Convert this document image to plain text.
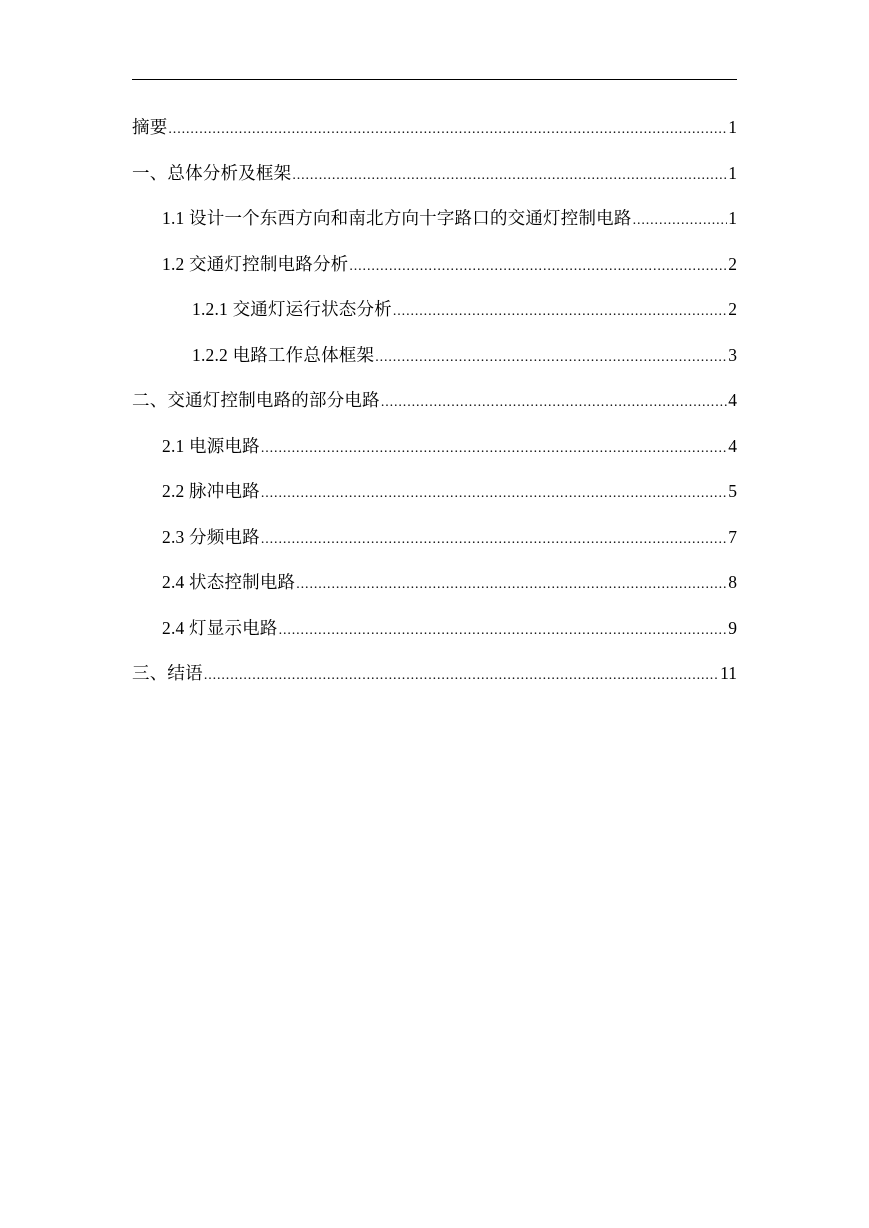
摘要 .....	1
一、总体分析及框架 .....	1
1.1 设计一个东西方向和南北方向十字路口的交通灯控制电路 .....	1
1.2 交通灯控制电路分析 .....	2
1.2.1 交通灯运行状态分析 .....	2
1.2.2 电路工作总体框架 .....	3
二、交通灯控制电路的部分电路 .....	4
2.1 电源电路 .....	4
2.2 脉冲电路 .....	5
2.3 分频电路 .....	7
2.4 状态控制电路 .....	8
2.4 灯显示电路 .....	9
三、结语 .....	11
